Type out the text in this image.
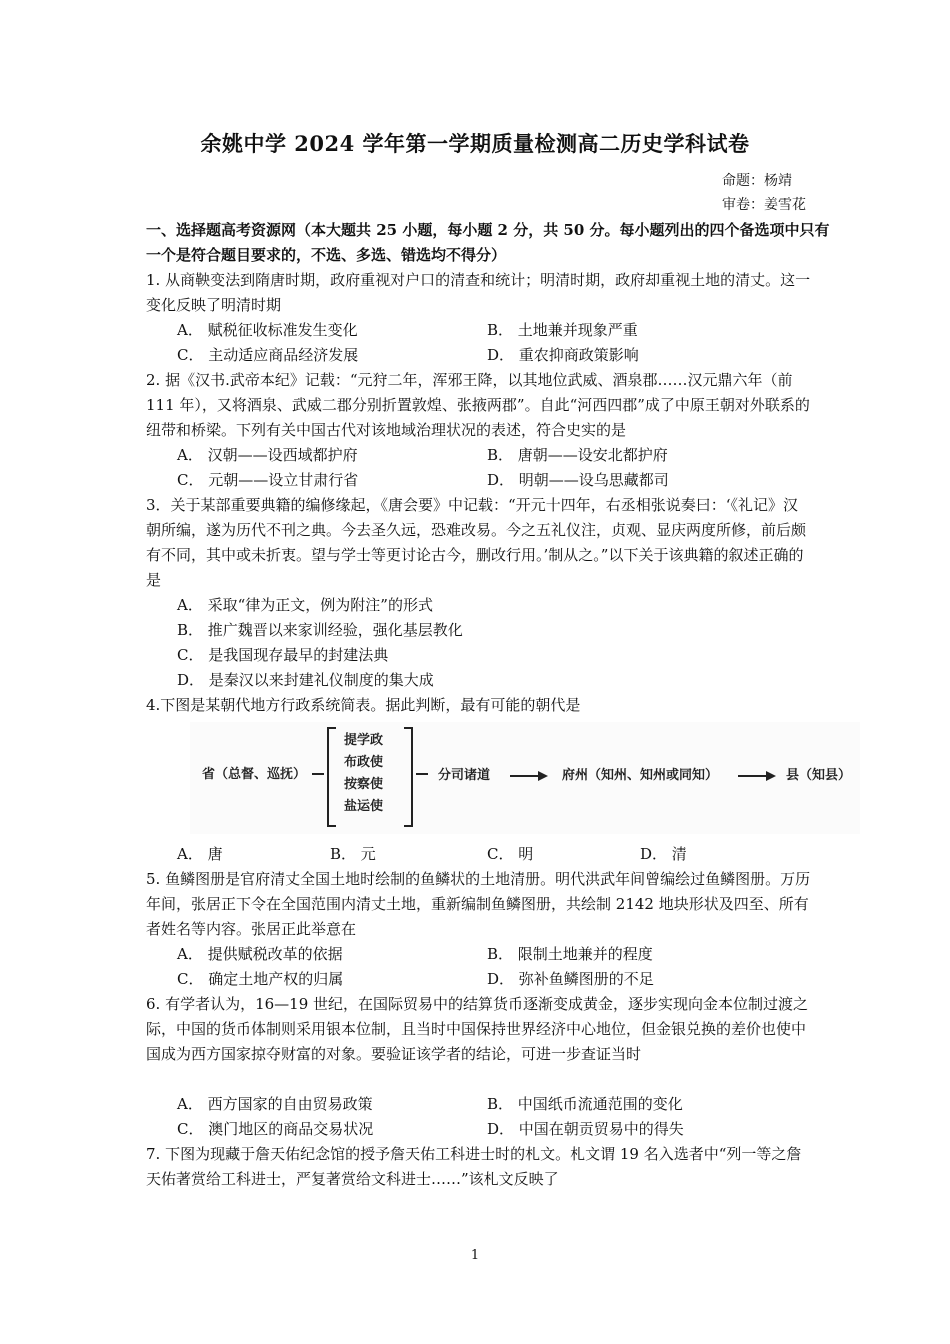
余姚中学 2024 学年第一学期质量检测高二历史学科试卷
命题：杨靖
审卷：姜雪花
一、选择题高考资源网（本大题共 25 小题，每小题 2 分，共 50 分。每小题列出的四个备选项中只有
一个是符合题目要求的，不选、多选、错选均不得分）
1. 从商鞅变法到隋唐时期，政府重视对户口的清查和统计；明清时期，政府却重视土地的清丈。这一变化反映了明清时期
A． 赋税征收标准发生变化	B． 土地兼并现象严重
C． 主动适应商品经济发展	D． 重农抑商政策影响
2. 据《汉书.武帝本纪》记载：“元狩二年，浑邪王降，以其地位武威、酒泉郡……汉元鼎六年（前 111 年），又将酒泉、武威二郡分别折置敦煌、张掖两郡”。自此“河西四郡”成了中原王朝对外联系的纽带和桥梁。下列有关中国古代对该地域治理状况的表述，符合史实的是
A． 汉朝——设西域都护府	B． 唐朝——设安北都护府
C． 元朝——设立甘肃行省	D． 明朝——设乌思藏都司
3．关于某部重要典籍的编修缘起，《唐会要》中记载：“开元十四年，右丞相张说奏曰：‘《礼记》汉朝所编，遂为历代不刊之典。今去圣久远，恐难改易。今之五礼仪注，贞观、显庆两度所修，前后颇有不同，其中或未折衷。望与学士等更讨论古今，删改行用。’制从之。”以下关于该典籍的叙述正确的是
A． 采取“律为正文，例为附注”的形式
B． 推广魏晋以来家训经验，强化基层教化
C． 是我国现存最早的封建法典
D． 是秦汉以来封建礼仪制度的集大成
4.下图是某朝代地方行政系统简表。据此判断，最有可能的朝代是
省（总督、巡抚）
提学政
布政使
按察使
盐运使
分司诸道	府州（知州、知州或同知）	县（知县）
A． 唐	B． 元	C． 明	D． 清
5. 鱼鳞图册是官府清丈全国土地时绘制的鱼鳞状的土地清册。明代洪武年间曾编绘过鱼鳞图册。万历年间，张居正下令在全国范围内清丈土地，重新编制鱼鳞图册，共绘制 2142 地块形状及四至、所有者姓名等内容。张居正此举意在
A． 提供赋税改革的依据	B． 限制土地兼并的程度
C． 确定土地产权的归属	D． 弥补鱼鳞图册的不足
6. 有学者认为，16—19 世纪，在国际贸易中的结算货币逐渐变成黄金，逐步实现向金本位制过渡之际，中国的货币体制则采用银本位制，且当时中国保持世界经济中心地位，但金银兑换的差价也使中国成为西方国家掠夺财富的对象。要验证该学者的结论，可进一步查证当时
A． 西方国家的自由贸易政策	B． 中国纸币流通范围的变化
C． 澳门地区的商品交易状况	D． 中国在朝贡贸易中的得失
7. 下图为现藏于詹天佑纪念馆的授予詹天佑工科进士时的札文。札文谓 19 名入选者中“列一等之詹天佑著赏给工科进士，严复著赏给文科进士……”该札文反映了
1
